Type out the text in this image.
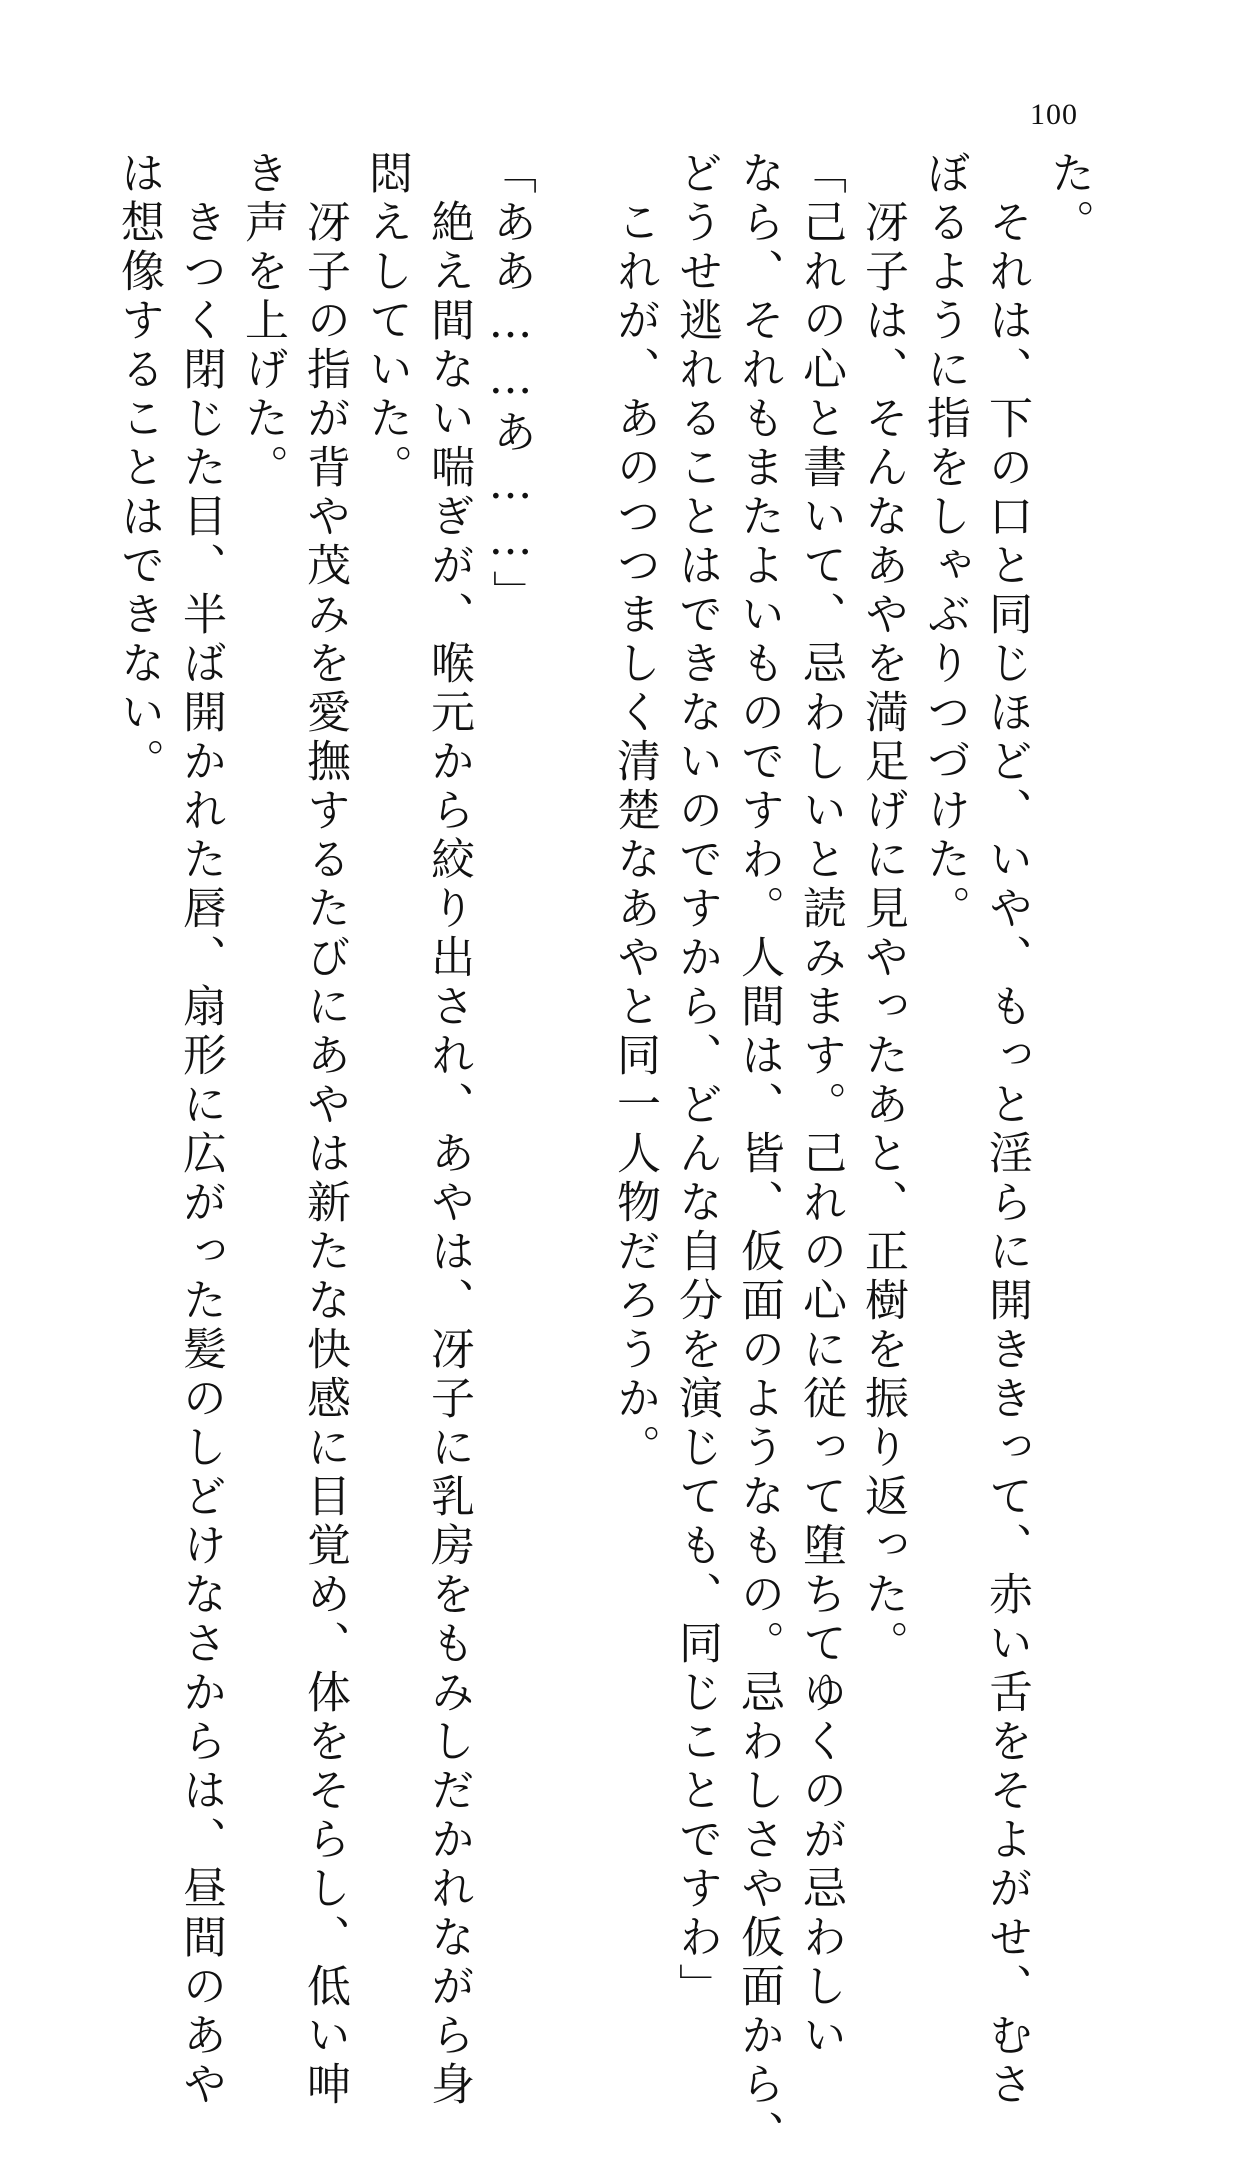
100
た。
　それは、下の口と同じほど、いや、もっと淫らに開ききって、赤い舌をそよがせ、むさ
ぼるように指をしゃぶりつづけた。
　冴子は、そんなあやを満足げに見やったあと、正樹を振り返った。
「己れの心と書いて、忌わしいと読みます。己れの心に従って堕ちてゆくのが忌わしい
なら、それもまたよいものですわ。人間は、皆、仮面のようなもの。忌わしさや仮面から、
どうせ逃れることはできないのですから、どんな自分を演じても、同じことですわ」
　これが、あのつつましく清楚なあやと同一人物だろうか。
「ああ……あ……」
　絶え間ない喘ぎが、喉元から絞り出され、あやは、冴子に乳房をもみしだかれながら身
悶えしていた。
　冴子の指が背や茂みを愛撫するたびにあやは新たな快感に目覚め、体をそらし、低い呻
き声を上げた。
　きつく閉じた目、半ば開かれた唇、扇形に広がった髪のしどけなさからは、昼間のあや
は想像することはできない。
